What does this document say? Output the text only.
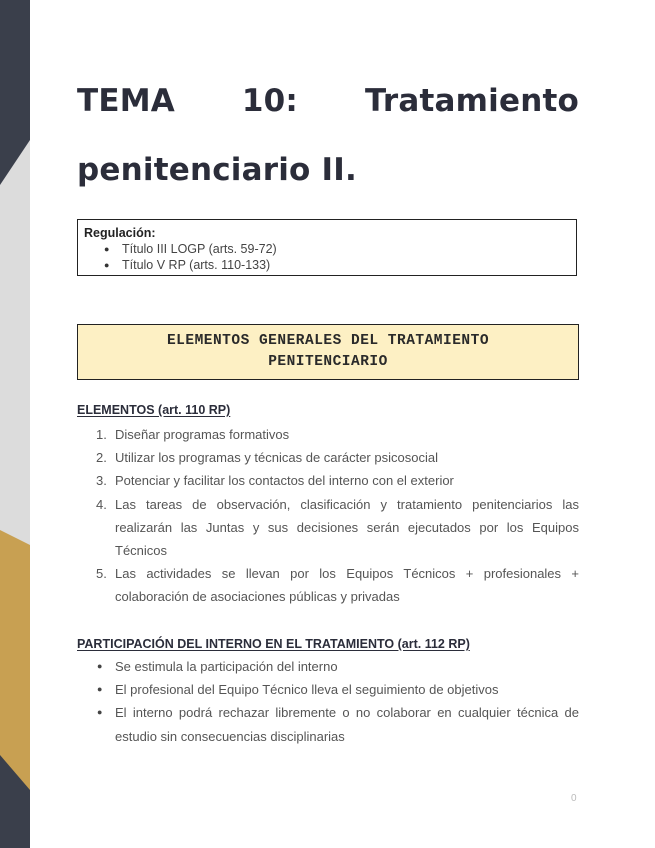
TEMA 10: Tratamiento
penitenciario II.
Regulación:
● Título III LOGP (arts. 59-72)
● Título V RP (arts. 110-133)
ELEMENTOS GENERALES DEL TRATAMIENTO
PENITENCIARIO
ELEMENTOS (art. 110 RP)
1. Diseñar programas formativos
2. Utilizar los programas y técnicas de carácter psicosocial
3. Potenciar y facilitar los contactos del interno con el exterior
4. Las tareas de observación, clasificación y tratamiento penitenciarios las realizarán las Juntas y sus decisiones serán ejecutados por los Equipos Técnicos
5. Las actividades se llevan por los Equipos Técnicos + profesionales + colaboración de asociaciones públicas y privadas
PARTICIPACIÓN DEL INTERNO EN EL TRATAMIENTO (art. 112 RP)
● Se estimula la participación del interno
● El profesional del Equipo Técnico lleva el seguimiento de objetivos
● El interno podrá rechazar libremente o no colaborar en cualquier técnica de estudio sin consecuencias disciplinarias
0
